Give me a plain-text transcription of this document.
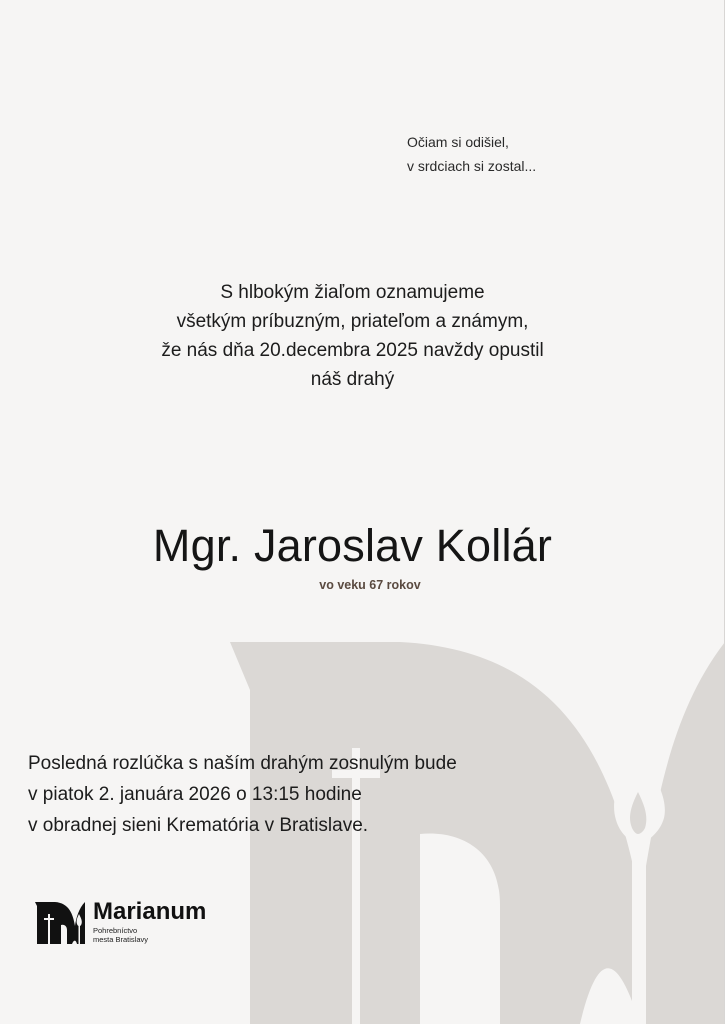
Očiam si odišiel,
v srdciach si zostal...
S hlbokým žiaľom oznamujeme
všetkým príbuzným, priateľom a známym,
že nás dňa 20.decembra 2025 navždy opustil
náš drahý
Mgr. Jaroslav Kollár
vo veku 67 rokov
Posledná rozlúčka s naším drahým zosnulým bude
v piatok 2. januára 2026 o 13:15 hodine
v obradnej sieni Krematória v Bratislave.
Marianum
Pohrebníctvo
mesta Bratislavy
